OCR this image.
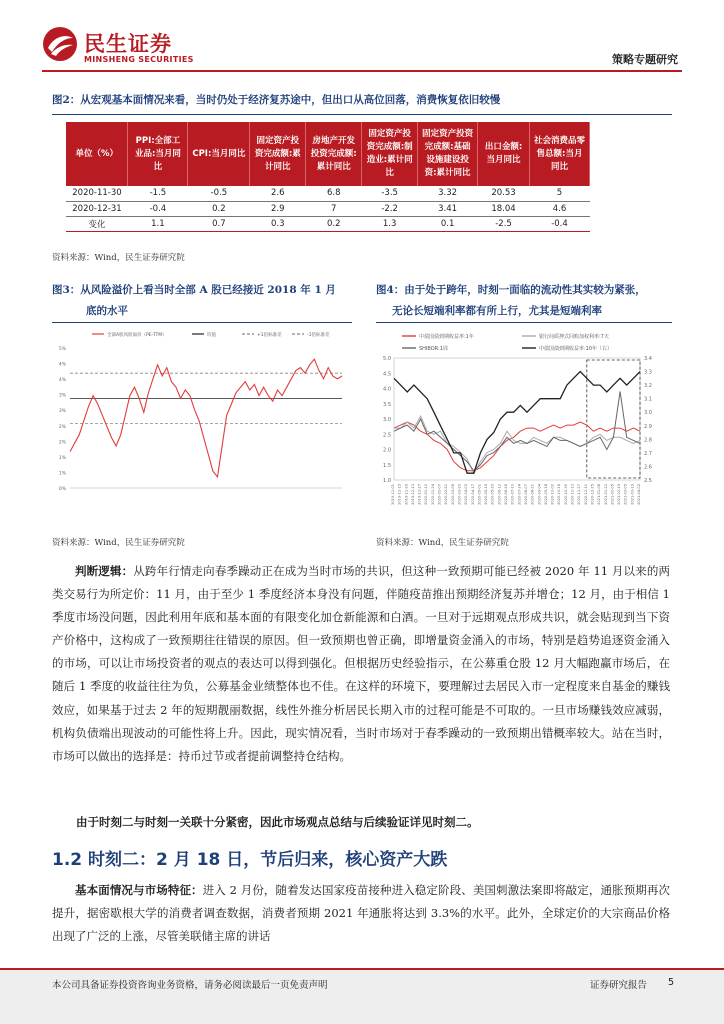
民生证券
MINSHENG SECURITIES	策略专题研究
图2：从宏观基本面情况来看，当时仍处于经济复苏途中，但出口从高位回落，消费恢复依旧较慢
单位（%）	PPI:全部工业品:当月同比	CPI:当月同比	固定资产投资完成额:累计同比	房地产开发投资完成额:累计同比	固定资产投资完成额:制造业:累计同比	固定资产投资完成额:基础设施建设投资:累计同比	出口金额:当月同比	社会消费品零售总额:当月同比
2020-11-30	-1.5	-0.5	2.6	6.8	-3.5	3.32	20.53	5
2020-12-31	-0.4	0.2	2.9	7	-2.2	3.41	18.04	4.6
变化	1.1	0.7	0.3	0.2	1.3	0.1	-2.5	-0.4
资料来源：Wind，民生证券研究院
图3：从风险溢价上看当时全部 A 股已经接近 2018 年 1 月
底的水平
全部A股风险溢价（PE-TTM）	均值	+1倍标准差	-1倍标准差
5%
4%
4%
3%
3%
2%
2%
1%
1%
0%
资料来源：Wind，民生证券研究院
图4：由于处于跨年，时刻一面临的流动性其实较为紧张，
无论长短端利率都有所上行，尤其是短端利率
中债国债到期收益率:1年	银行间质押式回购加权利率:7天
SHIBOR:1周	中债国债到期收益率:10年（右）
5.0
4.5
4.0
3.5
3.0
2.5
2.0
1.5
1.0
3.4
3.3
3.2
3.1
3.0
2.9
2.8
2.7
2.6
2.5
2019-11-01 2019-11-15 2019-11-29 2019-12-13 2019-12-27 2020-01-10 2020-01-24 2020-02-07 2020-02-21 2020-03-06 2020-03-20 2020-04-03 2020-04-17 2020-05-01 2020-05-15 2020-05-29 2020-06-12 2020-06-26 2020-07-10 2020-07-24 2020-08-07 2020-08-21 2020-09-04 2020-09-18 2020-10-02 2020-10-16 2020-10-30 2020-11-13 2020-11-27 2020-12-11 2020-12-25 2021-01-08 2021-01-22 2021-02-05 2021-02-19 2021-03-05 2021-03-19 2021-04-02
资料来源：Wind，民生证券研究院
判断逻辑：从跨年行情走向春季躁动正在成为当时市场的共识，但这种一致预期可能已经被 2020 年 11 月以来的两类交易行为所定价：11 月，由于至少 1 季度经济本身没有问题，伴随疫苗推出预期经济复苏并增仓；12 月，由于相信 1 季度市场没问题，因此利用年底和基本面的有限变化加仓新能源和白酒。一旦对于远期观点形成共识，就会贴现到当下资产价格中，这构成了一致预期往往错误的原因。但一致预期也曾正确，即增量资金涌入的市场，特别是趋势追逐资金涌入的市场，可以让市场投资者的观点的表达可以得到强化。但根据历史经验指示，在公募重仓股 12 月大幅跑赢市场后，在随后 1 季度的收益往往为负，公募基金业绩整体也不佳。在这样的环境下，要理解过去居民入市一定程度来自基金的赚钱效应，如果基于过去 2 年的短期靓丽数据，线性外推分析居民长期入市的过程可能是不可取的。一旦市场赚钱效应减弱，机构负债端出现波动的可能性将上升。因此，现实情况看，当时市场对于春季躁动的一致预期出错概率较大。站在当时，市场可以做出的选择是：持币过节或者提前调整持仓结构。
由于时刻二与时刻一关联十分紧密，因此市场观点总结与后续验证详见时刻二。
1.2 时刻二：2 月 18 日，节后归来，核心资产大跌
基本面情况与市场特征：进入 2 月份，随着发达国家疫苗接种进入稳定阶段、美国刺激法案即将敲定，通胀预期再次提升，据密歇根大学的消费者调查数据，消费者预期 2021 年通胀将达到 3.3%的水平。此外，全球定价的大宗商品价格出现了广泛的上涨，尽管美联储主席的讲话
本公司具备证券投资咨询业务资格，请务必阅读最后一页免责声明	证券研究报告 5
